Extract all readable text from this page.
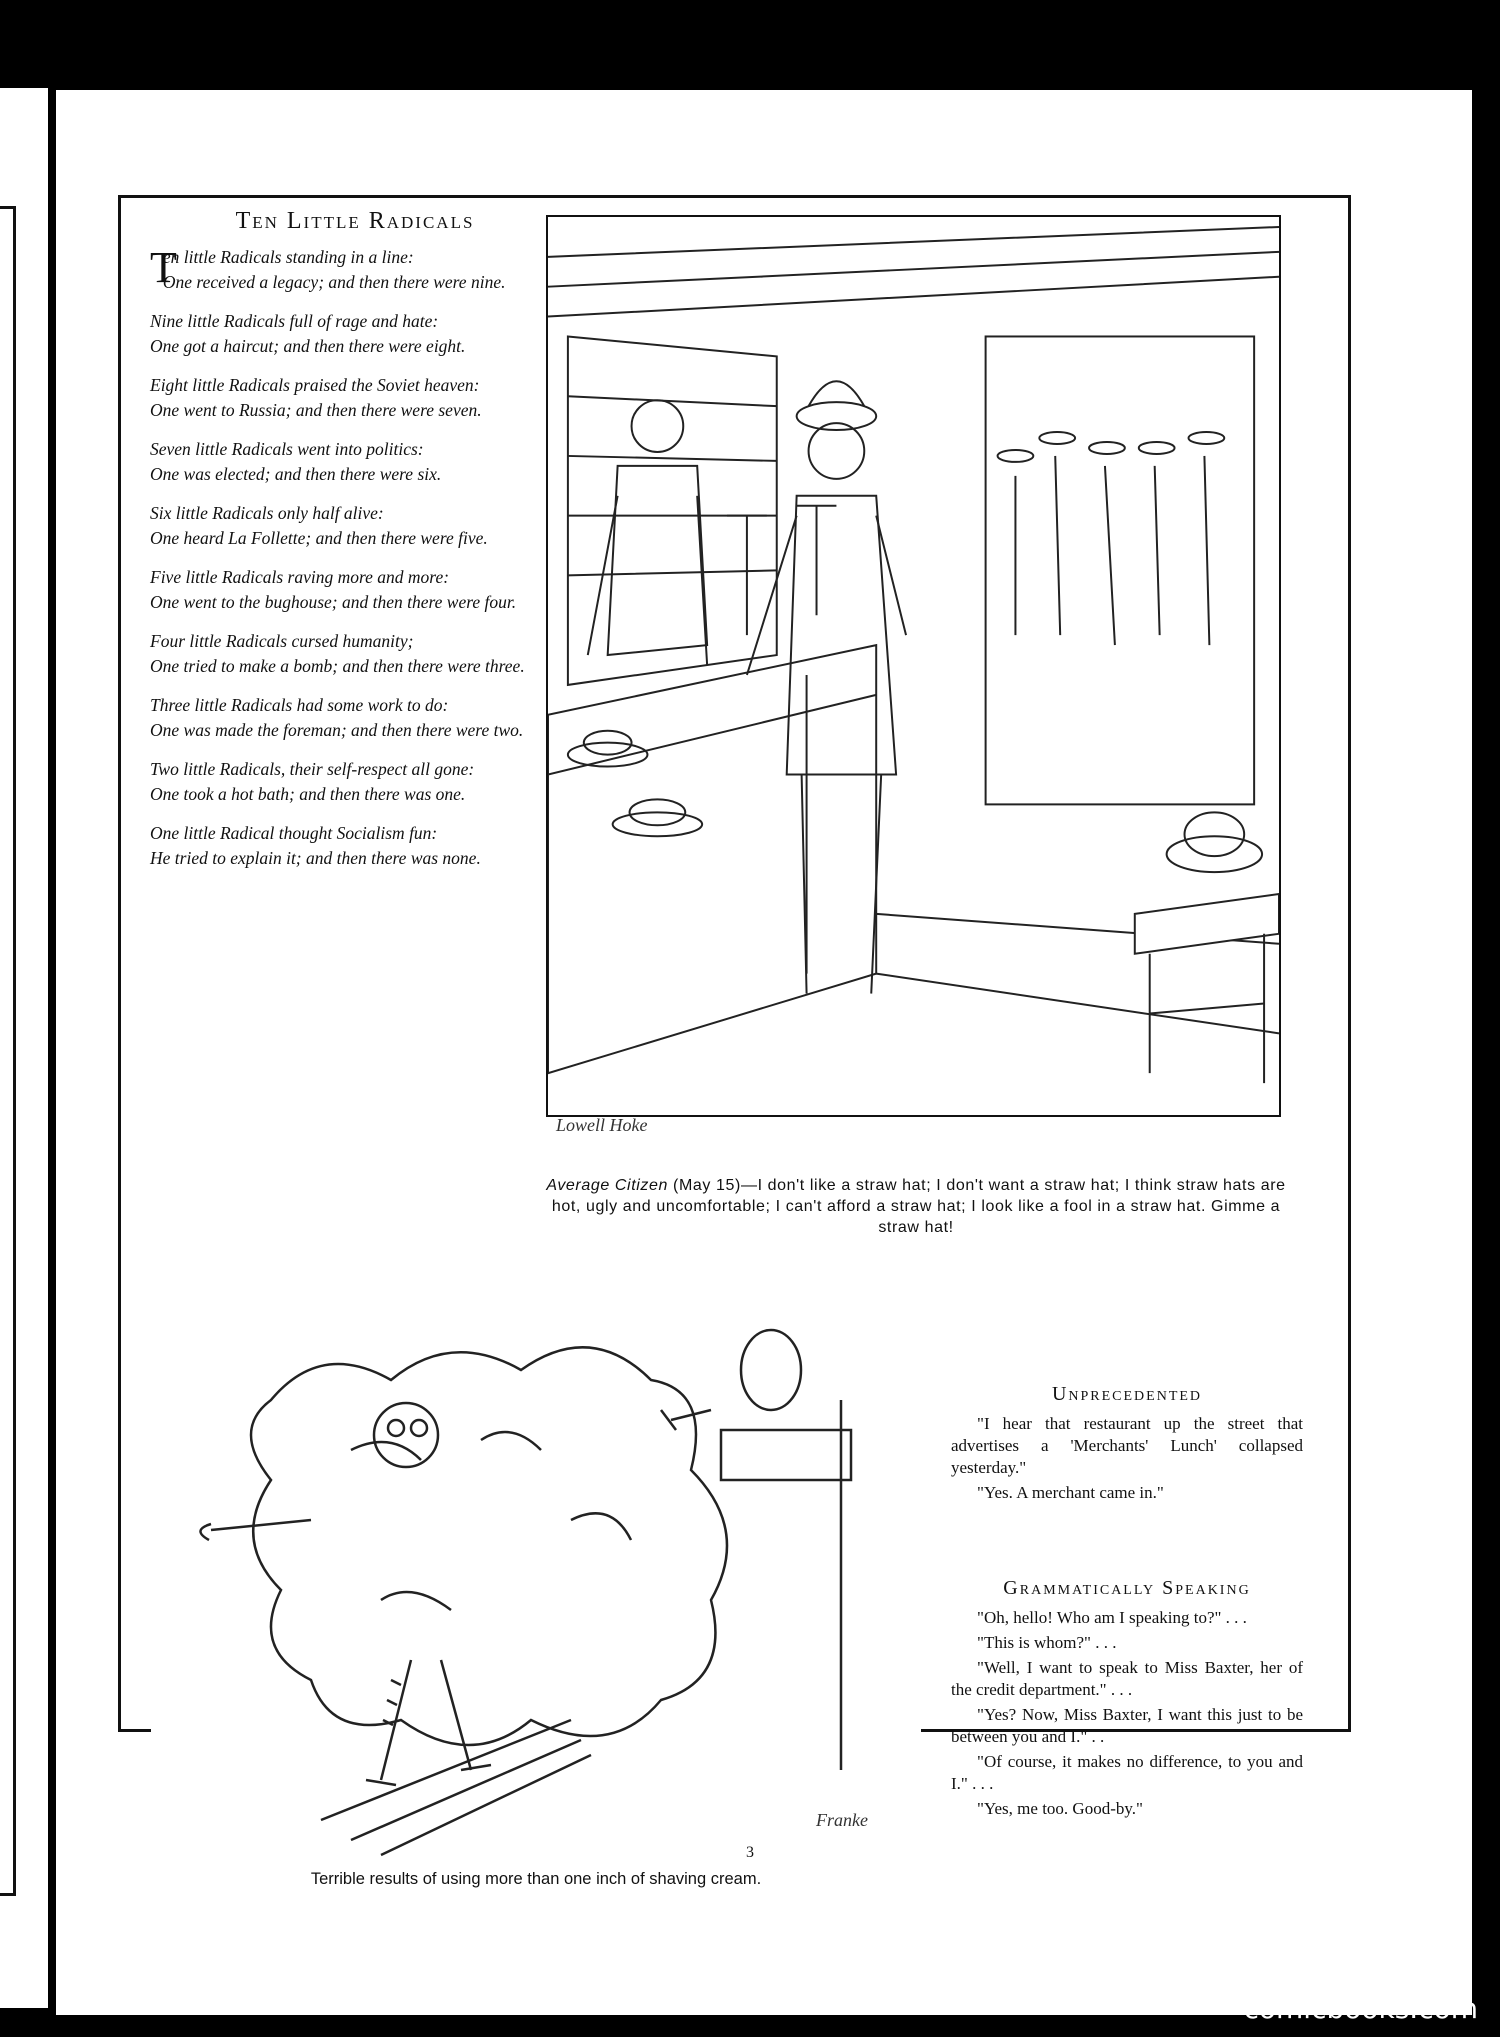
Ten Little Radicals
T
en little Radicals standing in a line:
One received a legacy; and then there were nine.
Nine little Radicals full of rage and hate:
One got a haircut; and then there were eight.
Eight little Radicals praised the Soviet heaven:
One went to Russia; and then there were seven.
Seven little Radicals went into politics:
One was elected; and then there were six.
Six little Radicals only half alive:
One heard La Follette; and then there were five.
Five little Radicals raving more and more:
One went to the bughouse; and then there were four.
Four little Radicals cursed humanity;
One tried to make a bomb; and then there were three.
Three little Radicals had some work to do:
One was made the foreman; and then there were two.
Two little Radicals, their self-respect all gone:
One took a hot bath; and then there was one.
One little Radical thought Socialism fun:
He tried to explain it; and then there was none.
Lowell Hoke
Average Citizen (May 15)—I don't like a straw hat; I don't want a straw hat; I think straw hats are hot, ugly and uncomfortable; I can't afford a straw hat; I look like a fool in a straw hat. Gimme a straw hat!
Franke
Terrible results of using more than one inch of shaving cream.
Unprecedented
"I hear that restaurant up the street that advertises a 'Merchants' Lunch' collapsed yesterday."
"Yes. A merchant came in."
Grammatically Speaking
"Oh, hello! Who am I speaking to?" . . .
"This is whom?" . . .
"Well, I want to speak to Miss Baxter, her of the credit department." . . .
"Yes? Now, Miss Baxter, I want this just to be between you and I." . .
"Of course, it makes no difference, to you and I." . . .
"Yes, me too. Good-by."
3
comicbooks.com
